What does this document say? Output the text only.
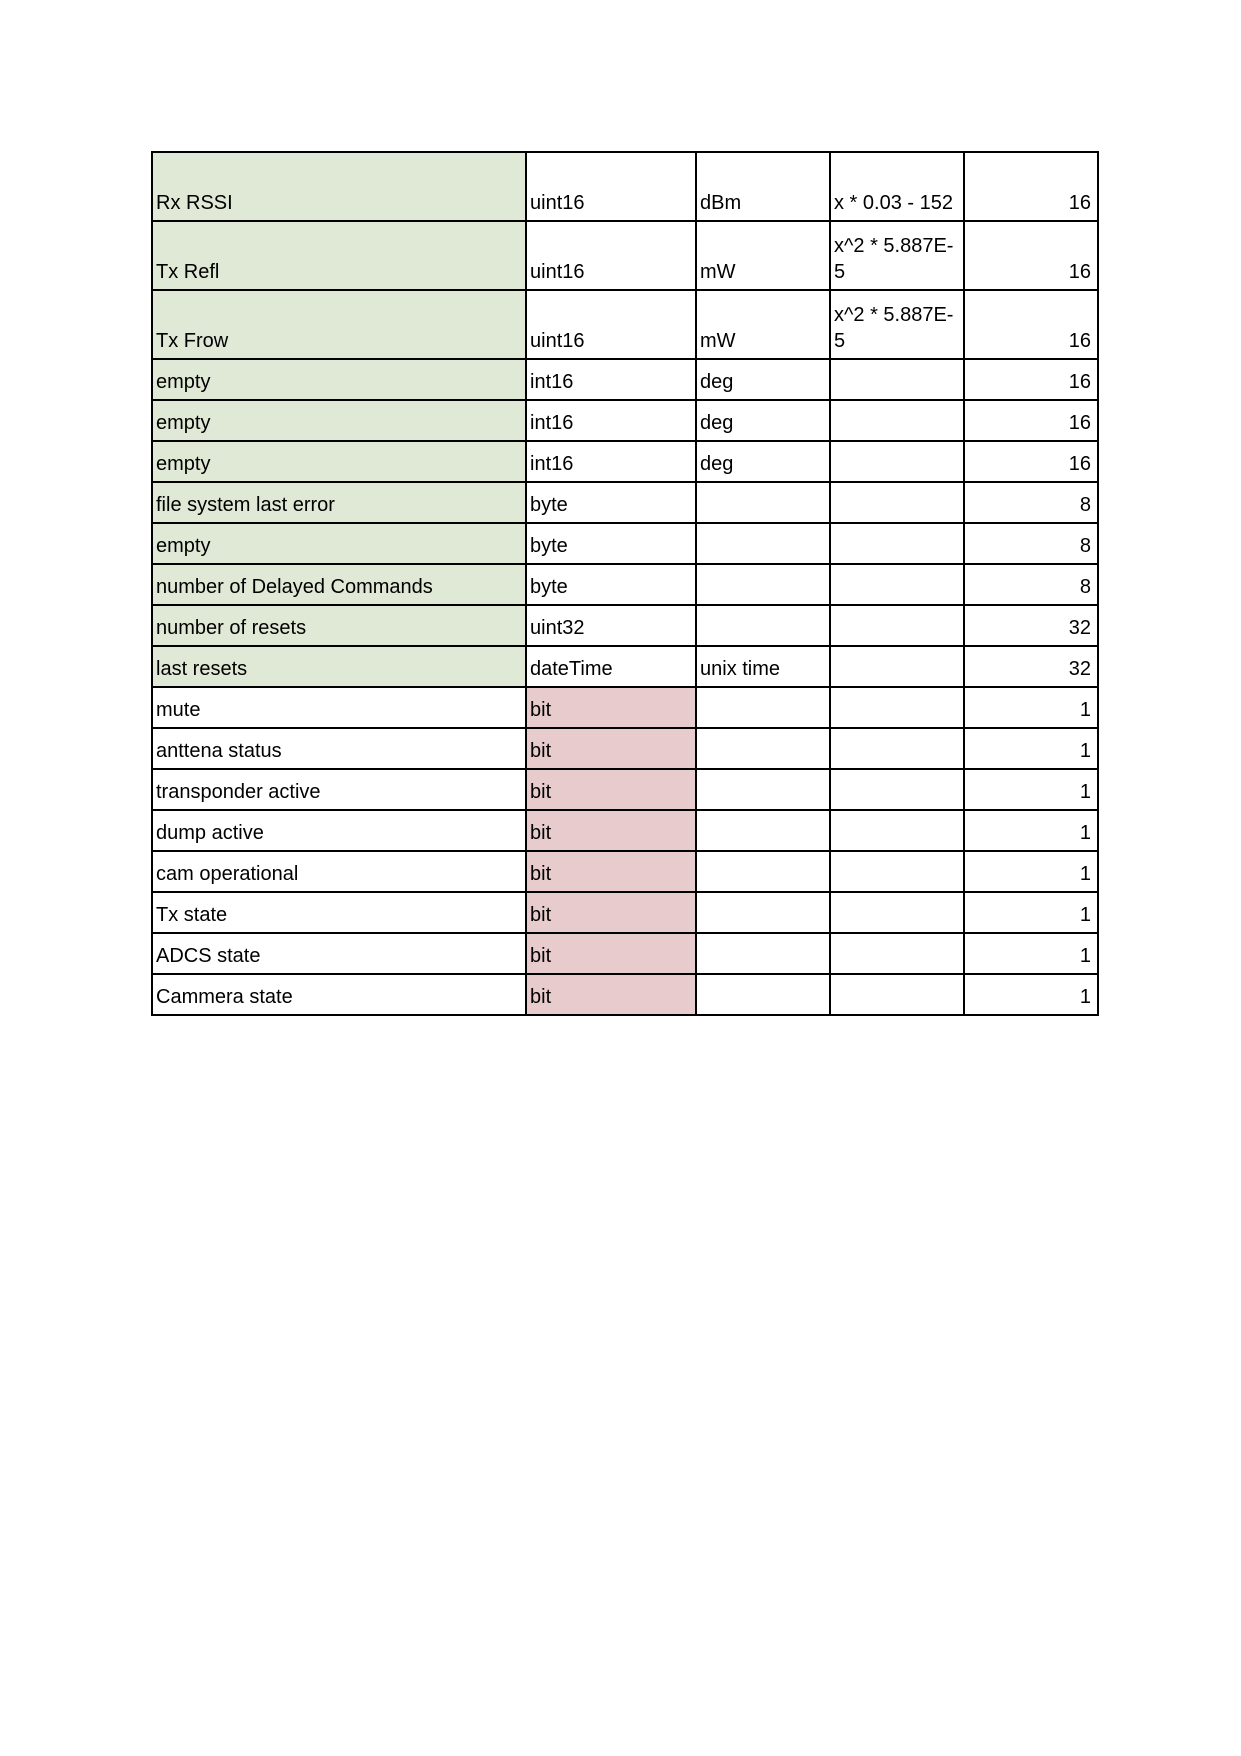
Rx RSSI	uint16	dBm	x * 0.03 - 152	16
Tx Refl	uint16	mW	x^2 * 5.887E-5	16
Tx Frow	uint16	mW	x^2 * 5.887E-5	16
empty	int16	deg		16
empty	int16	deg		16
empty	int16	deg		16
file system last error	byte			8
empty	byte			8
number of Delayed Commands	byte			8
number of resets	uint32			32
last resets	dateTime	unix time		32
mute	bit			1
anttena status	bit			1
transponder active	bit			1
dump active	bit			1
cam operational	bit			1
Tx state	bit			1
ADCS state	bit			1
Cammera state	bit			1
